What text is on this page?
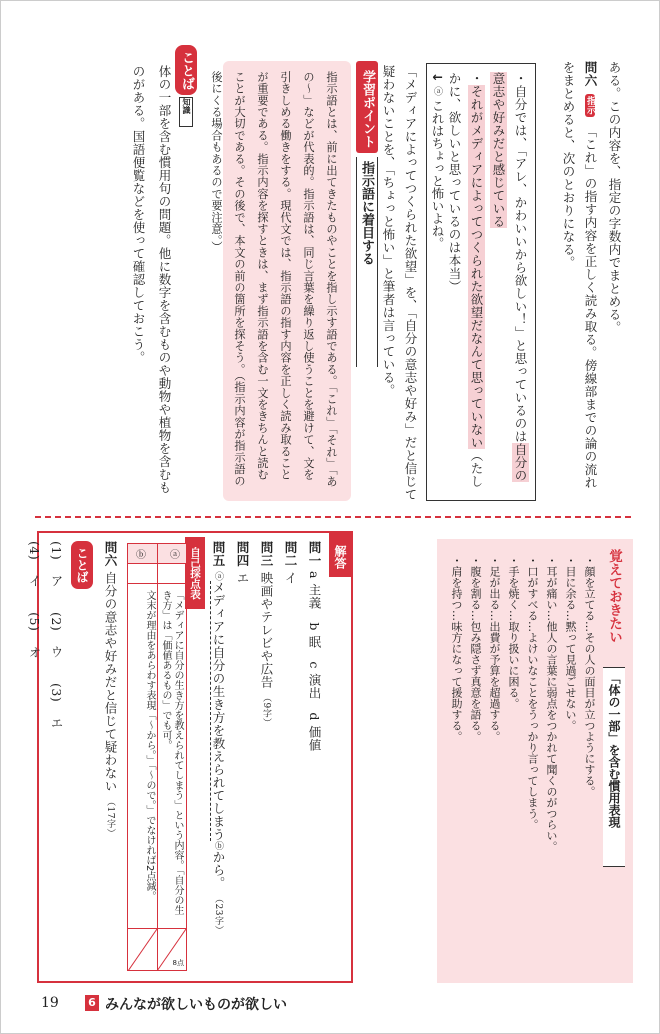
ある。この内容を、指定の字数内でまとめる。
問六 指示 「これ」の指す内容を正しく読み取る。傍線部までの論の流れをまとめると、次のとおりになる。
・自分では、「アレ、かわいいから欲しい！」と思っているのは自分の意志や好みだと感じている
・それがメディアによってつくられた欲望だなんて思っていない（たしかに、欲しいと思っているのは本当）
↓ ⓐ これはちょっと怖いよね。
「メディアによってつくられた欲望」を、「自分の意志や好み」だと信じて疑わないことを、「ちょっと怖い」と筆者は言っている。
学習ポイント
指示語に着目する
指示語とは、前に出てきたものやことを指し示す語である。「これ」「それ」「あの～」などが代表的。指示語は、同じ言葉を繰り返し使うことを避けて、文を引きしめる働きをする。現代文では、指示語の指す内容を正しく読み取ることが重要である。指示内容を探すときは、まず指示語を含む一文をきちんと読むことが大切である。その後で、本文の前の箇所を探そう。（指示内容が指示語の後にくる場合もあるので要注意。）
ことば
知識
体の一部を含む慣用句の問題。他に数字を含むものや動物や植物を含むものがある。国語便覧などを使って確認しておこう。
覚えておきたい
「体の一部」を含む慣用表現
・顔を立てる…その人の面目が立つようにする。
・目に余る…黙って見過ごせない。
・耳が痛い…他人の言葉に弱点をつかれて聞くのがつらい。
・口がすべる…よけいなことをうっかり言ってしまう。
・手を焼く…取り扱いに困る。
・足が出る…出費が予算を超過する。
・腹を割る…包み隠さず真意を語る。
・肩を持つ…味方になって援助する。
解答
問一 a 主義　b 眠　c 演出　d 価値
問二 イ
問三 映画やテレビや広告 （9字）
問四 エ
問五 ⓐメディアに自分の生き方を教えられてしまうⓑから。 （23字）
自己採点表
ⓐ
ⓑ
「メディアに自分の生き方を教えられてしまう」という内容。「自分の生き方」は「価値あるもの」でも可。
文末が理由をあらわす表現「～から。」「～ので。」でなければ2点減。
8点
問六 自分の意志や好みだと信じて疑わない （17字）
ことば
(1) ア (2) ウ (3) エ (4) イ (5) オ
19	6 みんなが欲しいものが欲しい
